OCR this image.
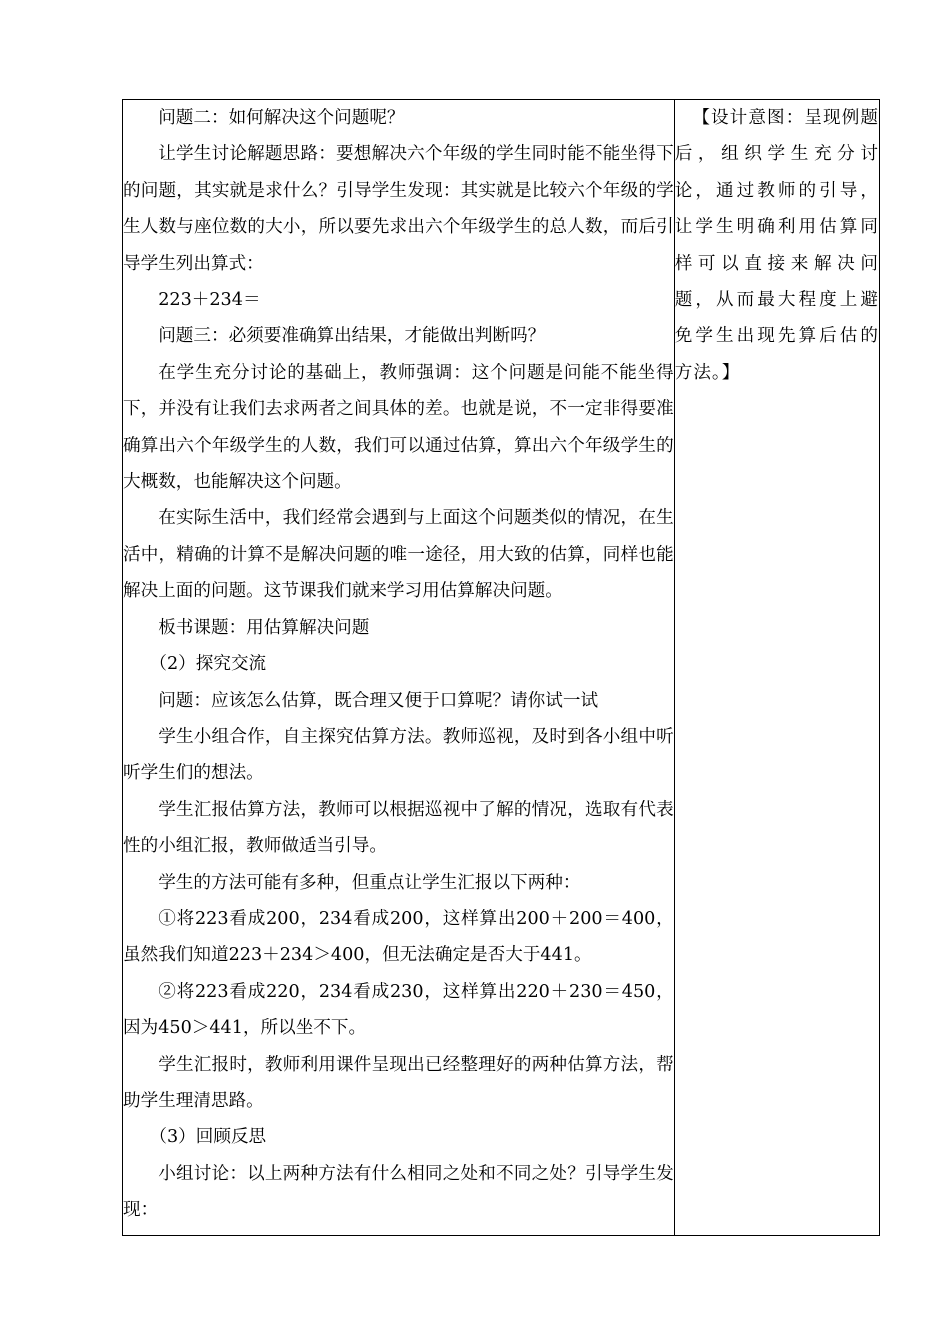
问题二：如何解决这个问题呢？

让学生讨论解题思路：要想解决六个年级的学生同时能不能坐得下的问题，其实就是求什么？引导学生发现：其实就是比较六个年级的学生人数与座位数的大小，所以要先求出六个年级学生的总人数，而后引导学生列出算式：

223＋234＝

问题三：必须要准确算出结果，才能做出判断吗？

在学生充分讨论的基础上，教师强调：这个问题是问能不能坐得下，并没有让我们去求两者之间具体的差。也就是说，不一定非得要准确算出六个年级学生的人数，我们可以通过估算，算出六个年级学生的大概数，也能解决这个问题。

在实际生活中，我们经常会遇到与上面这个问题类似的情况，在生活中，精确的计算不是解决问题的唯一途径，用大致的估算，同样也能解决上面的问题。这节课我们就来学习用估算解决问题。

板书课题：用估算解决问题

（2）探究交流

问题：应该怎么估算，既合理又便于口算呢？请你试一试

学生小组合作，自主探究估算方法。教师巡视，及时到各小组中听听学生们的想法。

学生汇报估算方法，教师可以根据巡视中了解的情况，选取有代表性的小组汇报，教师做适当引导。

学生的方法可能有多种，但重点让学生汇报以下两种：

①将223看成200，234看成200，这样算出200＋200＝400，虽然我们知道223＋234＞400，但无法确定是否大于441。

②将223看成220，234看成230，这样算出220＋230＝450，因为450＞441，所以坐不下。

学生汇报时，教师利用课件呈现出已经整理好的两种估算方法，帮助学生理清思路。

（3）回顾反思

小组讨论：以上两种方法有什么相同之处和不同之处？引导学生发现：

【设计意图：呈现例题后，组织学生充分讨论，通过教师的引导，让学生明确利用估算同样可以直接来解决问题，从而最大程度上避免学生出现先算后估的方法。】
